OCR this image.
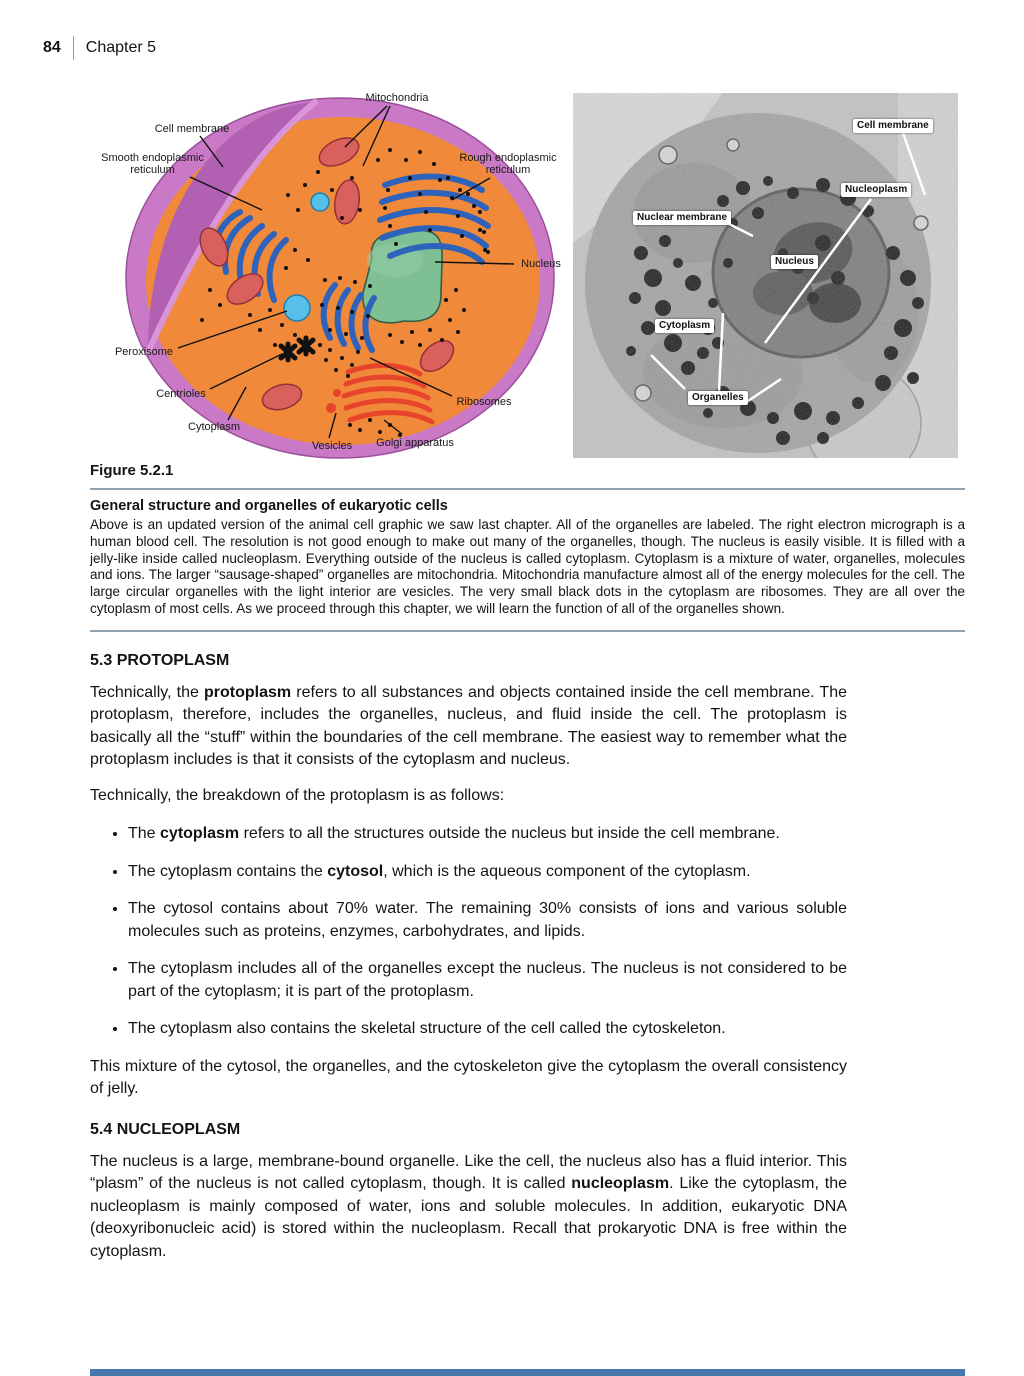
84 Chapter 5
Mitochondria
Cell membrane
Smooth endoplasmic reticulum
Rough endoplasmic reticulum
Nucleus
Peroxisome
Centrioles
Cytoplasm
Vesicles	Golgi apparatus
Ribosomes
Cell membrane
Nucleoplasm
Nuclear membrane
Nucleus
Cytoplasm
Organelles
Figure 5.2.1
General structure and organelles of eukaryotic cells

Above is an updated version of the animal cell graphic we saw last chapter. All of the organelles are labeled. The right electron micrograph is a human blood cell. The resolution is not good enough to make out many of the organelles, though. The nucleus is easily visible. It is filled with a jelly-like inside called nucleoplasm. Everything outside of the nucleus is called cytoplasm. Cytoplasm is a mixture of water, organelles, molecules and ions. The larger “sausage-shaped” organelles are mitochondria. Mitochondria manufacture almost all of the energy molecules for the cell. The large circular organelles with the light interior are vesicles. The very small black dots in the cytoplasm are ribosomes. They are all over the cytoplasm of most cells. As we proceed through this chapter, we will learn the function of all of the organelles shown.

5.3 PROTOPLASM

Technically, the protoplasm refers to all substances and objects contained inside the cell membrane. The protoplasm, therefore, includes the organelles, nucleus, and fluid inside the cell. The protoplasm is basically all the “stuff” within the boundaries of the cell membrane. The easiest way to remember what the protoplasm includes is that it consists of the cytoplasm and nucleus.

Technically, the breakdown of the protoplasm is as follows:

• The cytoplasm refers to all the structures outside the nucleus but inside the cell membrane.
• The cytoplasm contains the cytosol, which is the aqueous component of the cytoplasm.
• The cytosol contains about 70% water. The remaining 30% consists of ions and various soluble molecules such as proteins, enzymes, carbohydrates, and lipids.
• The cytoplasm includes all of the organelles except the nucleus. The nucleus is not considered to be part of the cytoplasm; it is part of the protoplasm.
• The cytoplasm also contains the skeletal structure of the cell called the cytoskeleton.

This mixture of the cytosol, the organelles, and the cytoskeleton give the cytoplasm the overall consistency of jelly.

5.4 NUCLEOPLASM

The nucleus is a large, membrane-bound organelle. Like the cell, the nucleus also has a fluid interior. This “plasm” of the nucleus is not called cytoplasm, though. It is called nucleoplasm. Like the cytoplasm, the nucleoplasm is mainly composed of water, ions and soluble molecules. In addition, eukaryotic DNA (deoxyribonucleic acid) is stored within the nucleoplasm. Recall that prokaryotic DNA is free within the cytoplasm.
